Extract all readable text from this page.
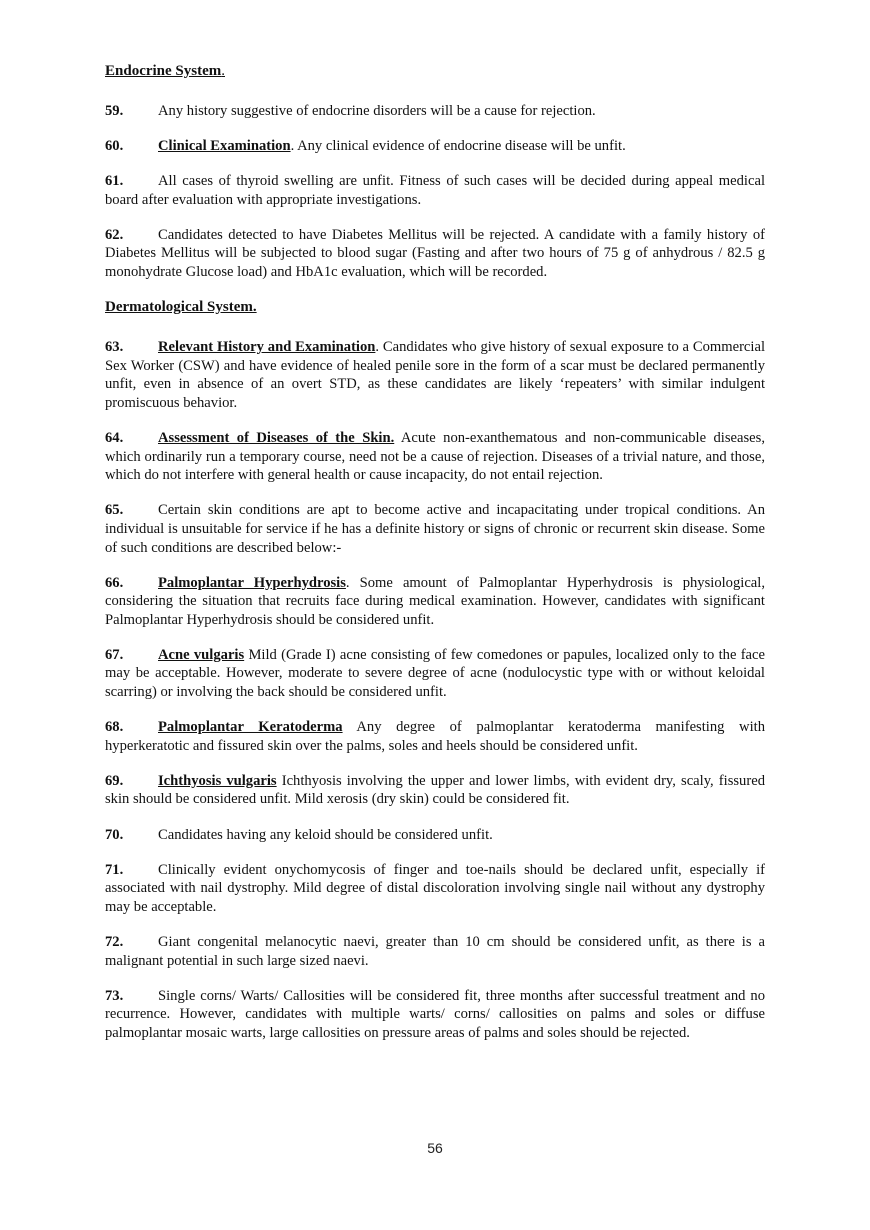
Endocrine System.

59. Any history suggestive of endocrine disorders will be a cause for rejection.

60. Clinical Examination. Any clinical evidence of endocrine disease will be unfit.

61. All cases of thyroid swelling are unfit. Fitness of such cases will be decided during appeal medical board after evaluation with appropriate investigations.

62. Candidates detected to have Diabetes Mellitus will be rejected. A candidate with a family history of Diabetes Mellitus will be subjected to blood sugar (Fasting and after two hours of 75 g of anhydrous / 82.5 g monohydrate Glucose load) and HbA1c evaluation, which will be recorded.

Dermatological System.

63. Relevant History and Examination. Candidates who give history of sexual exposure to a Commercial Sex Worker (CSW) and have evidence of healed penile sore in the form of a scar must be declared permanently unfit, even in absence of an overt STD, as these candidates are likely ‘repeaters’ with similar indulgent promiscuous behavior.

64. Assessment of Diseases of the Skin. Acute non-exanthematous and non-communicable diseases, which ordinarily run a temporary course, need not be a cause of rejection. Diseases of a trivial nature, and those, which do not interfere with general health or cause incapacity, do not entail rejection.

65. Certain skin conditions are apt to become active and incapacitating under tropical conditions. An individual is unsuitable for service if he has a definite history or signs of chronic or recurrent skin disease. Some of such conditions are described below:-

66. Palmoplantar Hyperhydrosis. Some amount of Palmoplantar Hyperhydrosis is physiological, considering the situation that recruits face during medical examination. However, candidates with significant Palmoplantar Hyperhydrosis should be considered unfit.

67. Acne vulgaris Mild (Grade I) acne consisting of few comedones or papules, localized only to the face may be acceptable. However, moderate to severe degree of acne (nodulocystic type with or without keloidal scarring) or involving the back should be considered unfit.

68. Palmoplantar Keratoderma Any degree of palmoplantar keratoderma manifesting with hyperkeratotic and fissured skin over the palms, soles and heels should be considered unfit.

69. Ichthyosis vulgaris Ichthyosis involving the upper and lower limbs, with evident dry, scaly, fissured skin should be considered unfit. Mild xerosis (dry skin) could be considered fit.

70. Candidates having any keloid should be considered unfit.

71. Clinically evident onychomycosis of finger and toe-nails should be declared unfit, especially if associated with nail dystrophy. Mild degree of distal discoloration involving single nail without any dystrophy may be acceptable.

72. Giant congenital melanocytic naevi, greater than 10 cm should be considered unfit, as there is a malignant potential in such large sized naevi.

73. Single corns/ Warts/ Callosities will be considered fit, three months after successful treatment and no recurrence. However, candidates with multiple warts/ corns/ callosities on palms and soles or diffuse palmoplantar mosaic warts, large callosities on pressure areas of palms and soles should be rejected.

56
